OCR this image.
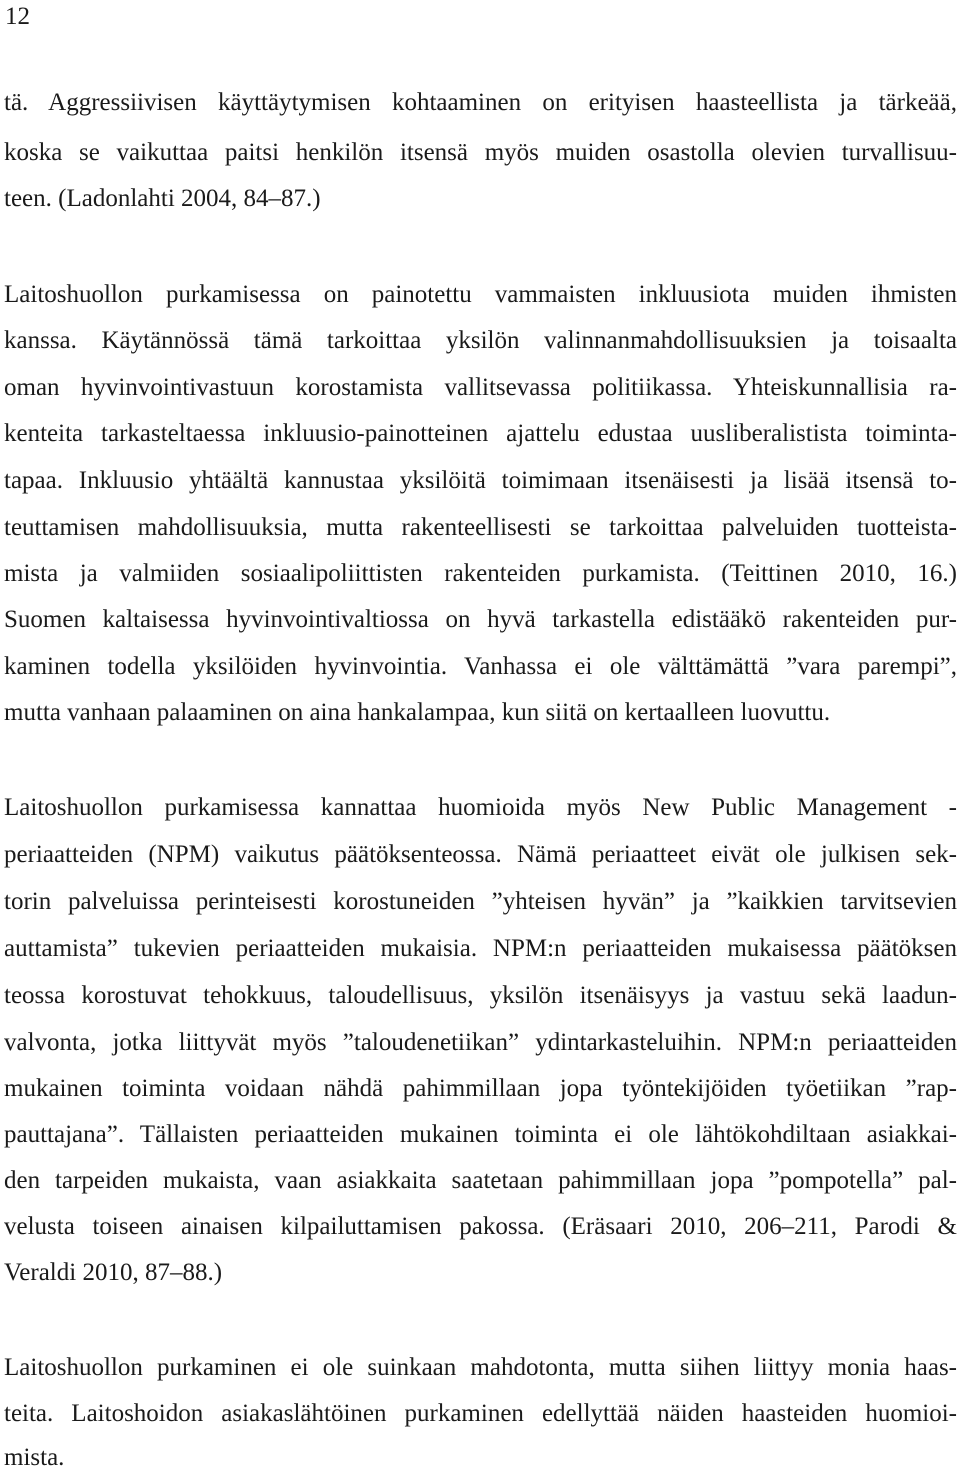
12
tä. Aggressiivisen käyttäytymisen kohtaaminen on erityisen haasteellista ja tärkeää,
koska se vaikuttaa paitsi henkilön itsensä myös muiden osastolla olevien turvallisuu-
teen. (Ladonlahti 2004, 84–87.)
Laitoshuollon purkamisessa on painotettu vammaisten inkluusiota muiden ihmisten
kanssa. Käytännössä tämä tarkoittaa yksilön valinnanmahdollisuuksien ja toisaalta
oman hyvinvointivastuun korostamista vallitsevassa politiikassa. Yhteiskunnallisia ra-
kenteita tarkasteltaessa inkluusio-painotteinen ajattelu edustaa uusliberalistista toiminta-
tapaa. Inkluusio yhtäältä kannustaa yksilöitä toimimaan itsenäisesti ja lisää itsensä to-
teuttamisen mahdollisuuksia, mutta rakenteellisesti se tarkoittaa palveluiden tuotteista-
mista ja valmiiden sosiaalipoliittisten rakenteiden purkamista. (Teittinen 2010, 16.)
Suomen kaltaisessa hyvinvointivaltiossa on hyvä tarkastella edistääkö rakenteiden pur-
kaminen todella yksilöiden hyvinvointia. Vanhassa ei ole välttämättä ”vara parempi”,
mutta vanhaan palaaminen on aina hankalampaa, kun siitä on kertaalleen luovuttu.
Laitoshuollon purkamisessa kannattaa huomioida myös New Public Management -
periaatteiden (NPM) vaikutus päätöksenteossa. Nämä periaatteet eivät ole julkisen sek-
torin palveluissa perinteisesti korostuneiden ”yhteisen hyvän” ja ”kaikkien tarvitsevien
auttamista” tukevien periaatteiden mukaisia. NPM:n periaatteiden mukaisessa päätöksen
teossa korostuvat tehokkuus, taloudellisuus, yksilön itsenäisyys ja vastuu sekä laadun-
valvonta, jotka liittyvät myös ”taloudenetiikan” ydintarkasteluihin. NPM:n periaatteiden
mukainen toiminta voidaan nähdä pahimmillaan jopa työntekijöiden työetiikan ”rap-
pauttajana”. Tällaisten periaatteiden mukainen toiminta ei ole lähtökohdiltaan asiakkai-
den tarpeiden mukaista, vaan asiakkaita saatetaan pahimmillaan jopa ”pompotella” pal-
velusta toiseen ainaisen kilpailuttamisen pakossa. (Eräsaari 2010, 206–211, Parodi &
Veraldi 2010, 87–88.)
Laitoshuollon purkaminen ei ole suinkaan mahdotonta, mutta siihen liittyy monia haas-
teita. Laitoshoidon asiakaslähtöinen purkaminen edellyttää näiden haasteiden huomioi-
mista.
